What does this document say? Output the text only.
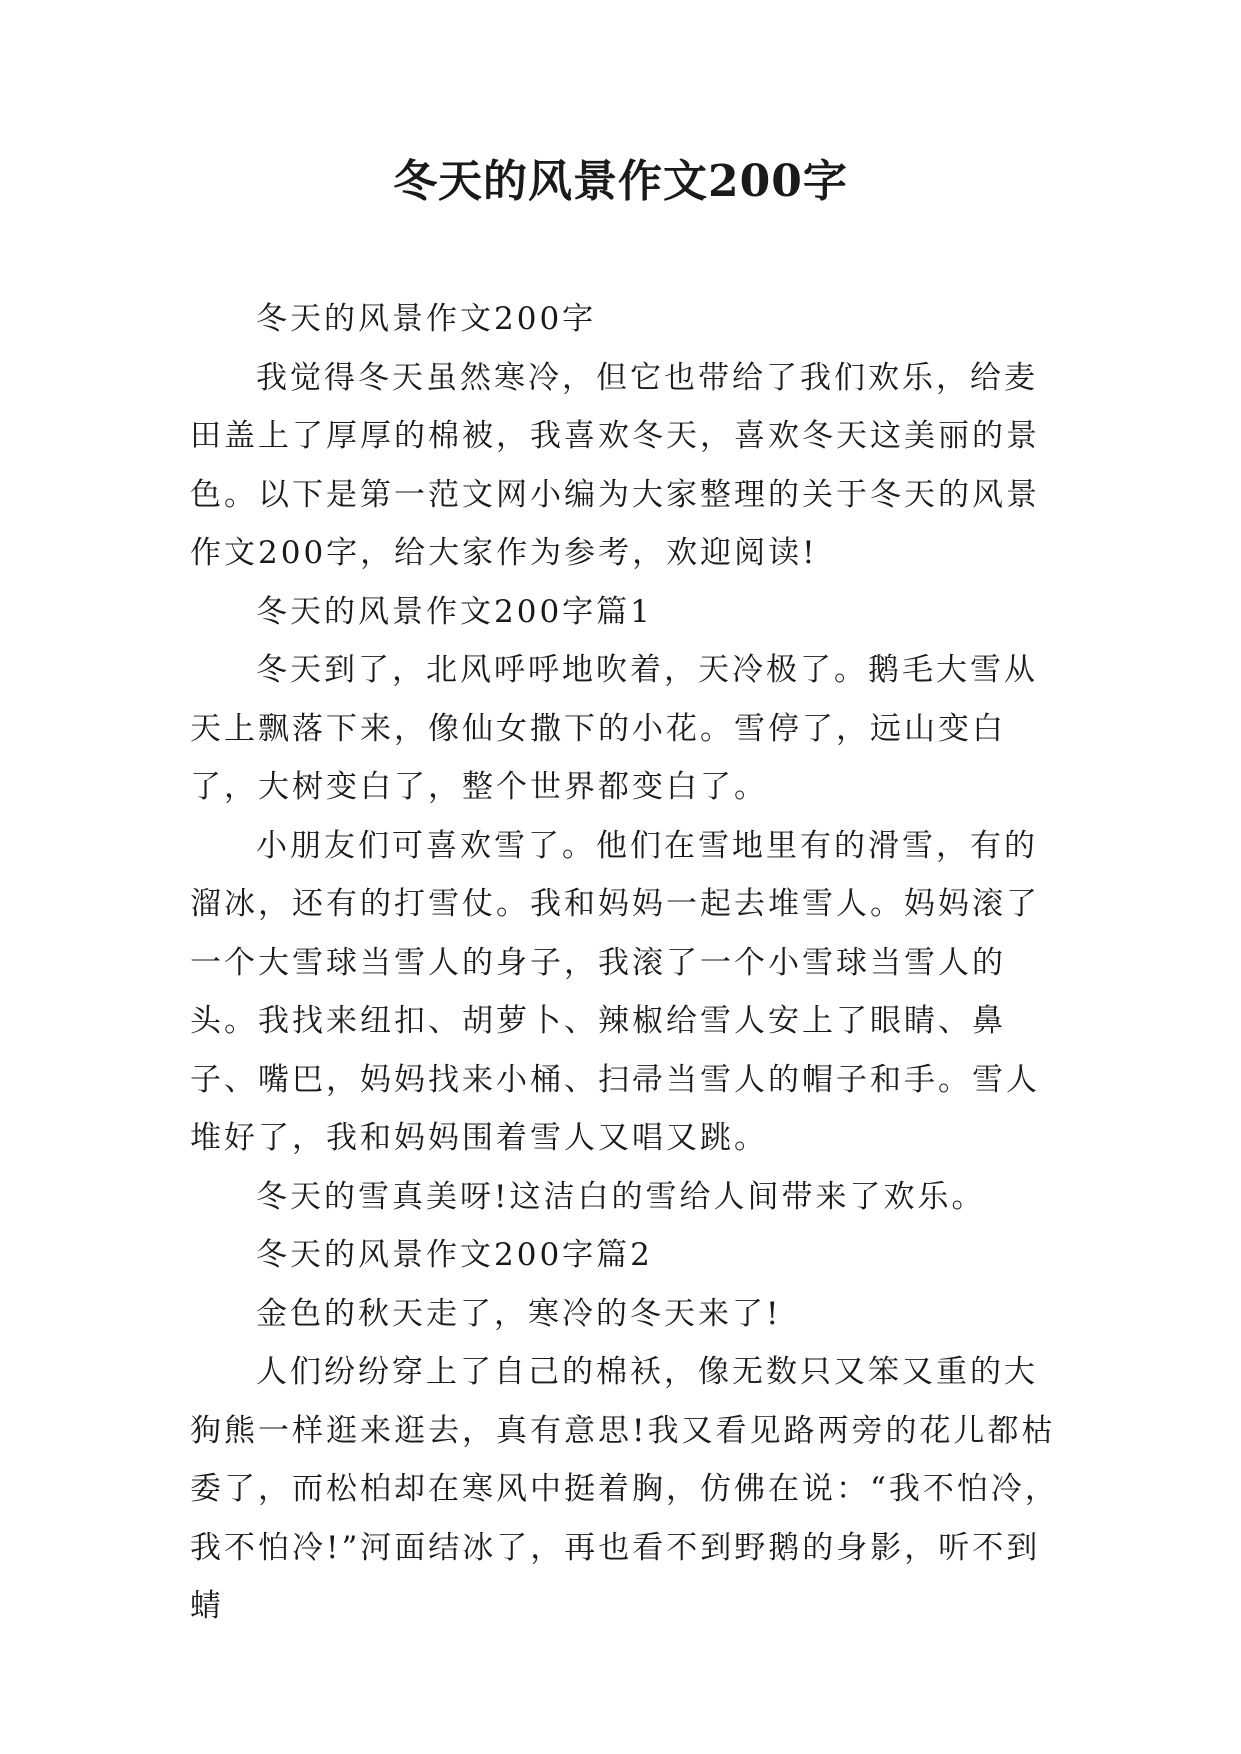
冬天的风景作文200字

冬天的风景作文200字

我觉得冬天虽然寒冷，但它也带给了我们欢乐，给麦田盖上了厚厚的棉被，我喜欢冬天，喜欢冬天这美丽的景色。以下是第一范文网小编为大家整理的关于冬天的风景作文200字，给大家作为参考，欢迎阅读!

冬天的风景作文200字篇1

冬天到了，北风呼呼地吹着，天冷极了。鹅毛大雪从天上飘落下来，像仙女撒下的小花。雪停了，远山变白了，大树变白了，整个世界都变白了。

小朋友们可喜欢雪了。他们在雪地里有的滑雪，有的溜冰，还有的打雪仗。我和妈妈一起去堆雪人。妈妈滚了一个大雪球当雪人的身子，我滚了一个小雪球当雪人的头。我找来纽扣、胡萝卜、辣椒给雪人安上了眼睛、鼻子、嘴巴，妈妈找来小桶、扫帚当雪人的帽子和手。雪人堆好了，我和妈妈围着雪人又唱又跳。

冬天的雪真美呀!这洁白的雪给人间带来了欢乐。

冬天的风景作文200字篇2

金色的秋天走了，寒冷的冬天来了!

人们纷纷穿上了自己的棉袄，像无数只又笨又重的大狗熊一样逛来逛去，真有意思!我又看见路两旁的花儿都枯委了，而松柏却在寒风中挺着胸，仿佛在说：“我不怕冷，我不怕冷!”河面结冰了，再也看不到野鹅的身影，听不到蜻
